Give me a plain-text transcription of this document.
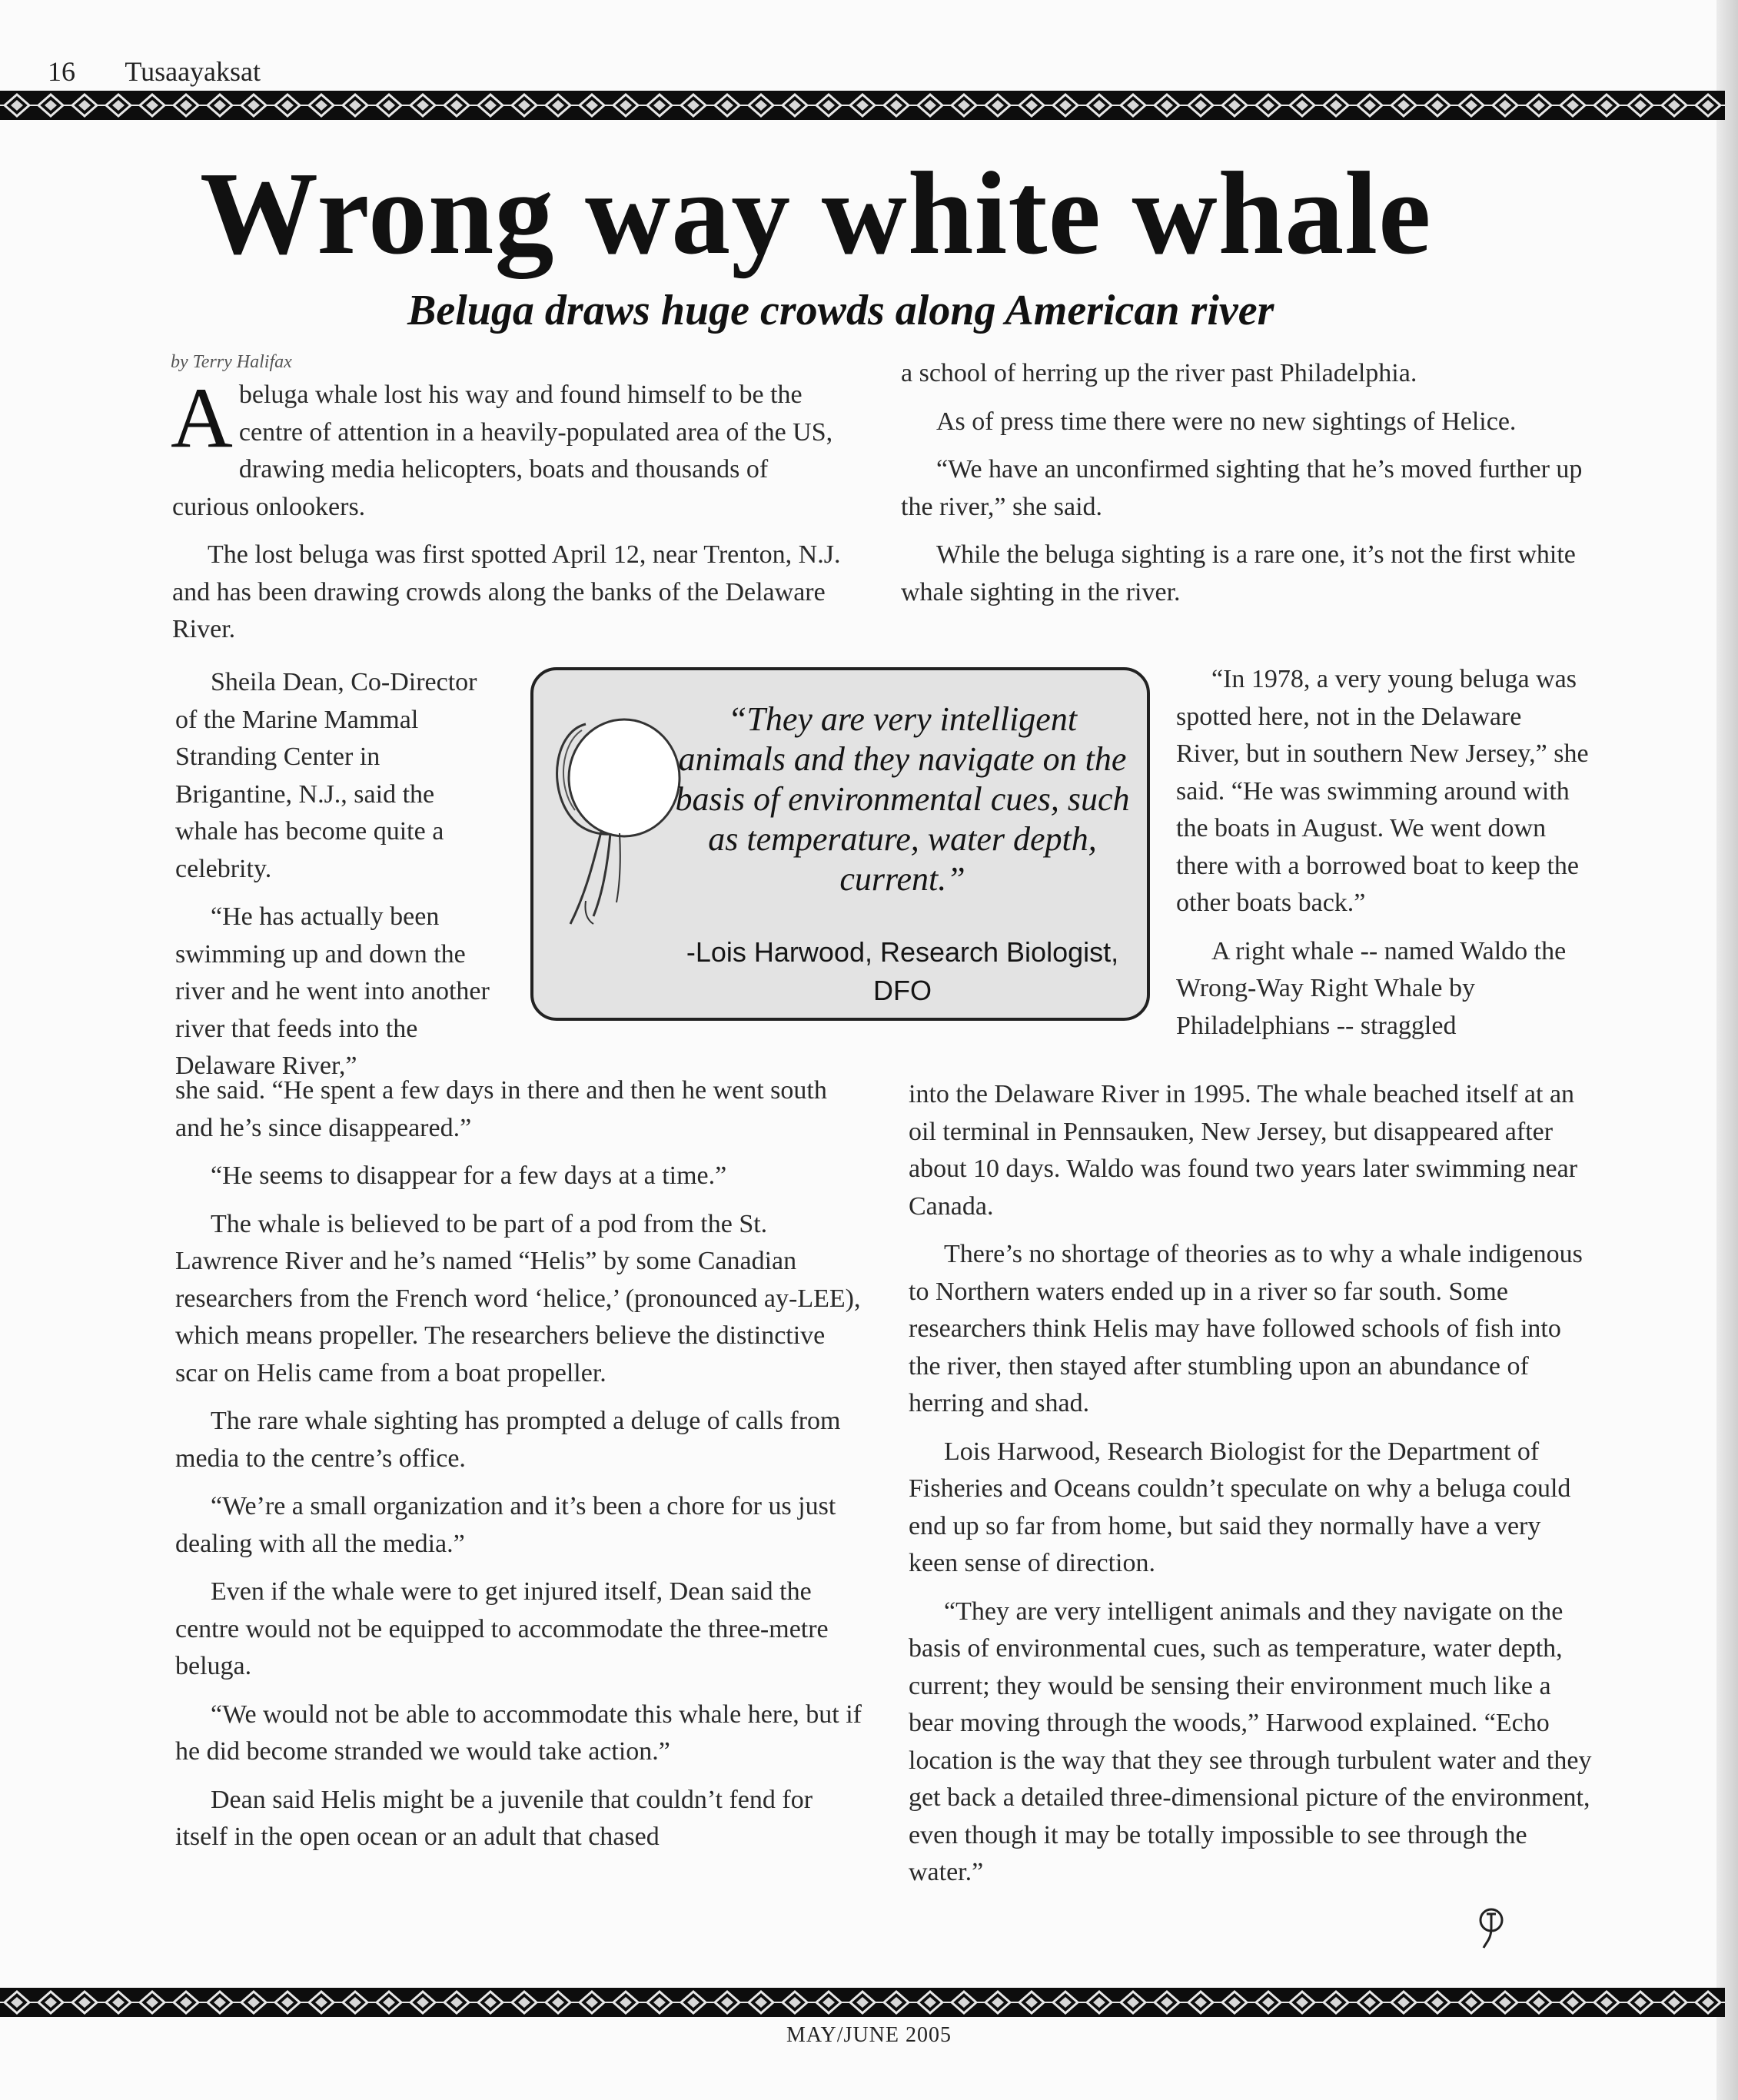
16 Tusaayaksat
Wrong way white whale
Beluga draws huge crowds along American river
by Terry Halifax

Abeluga whale lost his way and found himself to be the centre of attention in a heavily-populated area of the US, drawing media helicopters, boats and thousands of curious onlookers.

The lost beluga was first spotted April 12, near Trenton, N.J. and has been drawing crowds along the banks of the Delaware River.

Sheila Dean, Co-Director of the Marine Mammal Stranding Center in Brigantine, N.J., said the whale has become quite a celebrity.

“He has actually been swimming up and down the river and he went into another river that feeds into the Delaware River,”

she said. “He spent a few days in there and then he went south and he’s since disappeared.”

“He seems to disappear for a few days at a time.”

The whale is believed to be part of a pod from the St. Lawrence River and he’s named “Helis” by some Canadian researchers from the French word ‘helice,’ (pronounced ay-LEE), which means propeller. The researchers believe the distinctive scar on Helis came from a boat propeller.

The rare whale sighting has prompted a deluge of calls from media to the centre’s office.

“We’re a small organization and it’s been a chore for us just dealing with all the media.”

Even if the whale were to get injured itself, Dean said the centre would not be equipped to accommodate the three-metre beluga.

“We would not be able to accommodate this whale here, but if he did become stranded we would take action.”

Dean said Helis might be a juvenile that couldn’t fend for itself in the open ocean or an adult that chased

a school of herring up the river past Philadelphia.

As of press time there were no new sightings of Helice.

“We have an unconfirmed sighting that he’s moved further up the river,” she said.

While the beluga sighting is a rare one, it’s not the first white whale sighting in the river.

“In 1978, a very young beluga was spotted here, not in the Delaware River, but in southern New Jersey,” she said. “He was swimming around with the boats in August. We went down there with a borrowed boat to keep the other boats back.”

A right whale -- named Waldo the Wrong-Way Right Whale by Philadelphians -- straggled

into the Delaware River in 1995. The whale beached itself at an oil terminal in Pennsauken, New Jersey, but disappeared after about 10 days. Waldo was found two years later swimming near Canada.

There’s no shortage of theories as to why a whale indigenous to Northern waters ended up in a river so far south. Some researchers think Helis may have followed schools of fish into the river, then stayed after stumbling upon an abundance of herring and shad.

Lois Harwood, Research Biologist for the Department of Fisheries and Oceans couldn’t speculate on why a beluga could end up so far from home, but said they normally have a very keen sense of direction.

“They are very intelligent animals and they navigate on the basis of environmental cues, such as temperature, water depth, current; they would be sensing their environment much like a bear moving through the woods,” Harwood explained. “Echo location is the way that they see through turbulent water and they get back a detailed three-dimensional picture of the environment, even though it may be totally impossible to see through the water.”

“They are very intelligent animals and they navigate on the basis of environmental cues, such as temperature, water depth, current.”
-Lois Harwood, Research Biologist, DFO
MAY/JUNE 2005
